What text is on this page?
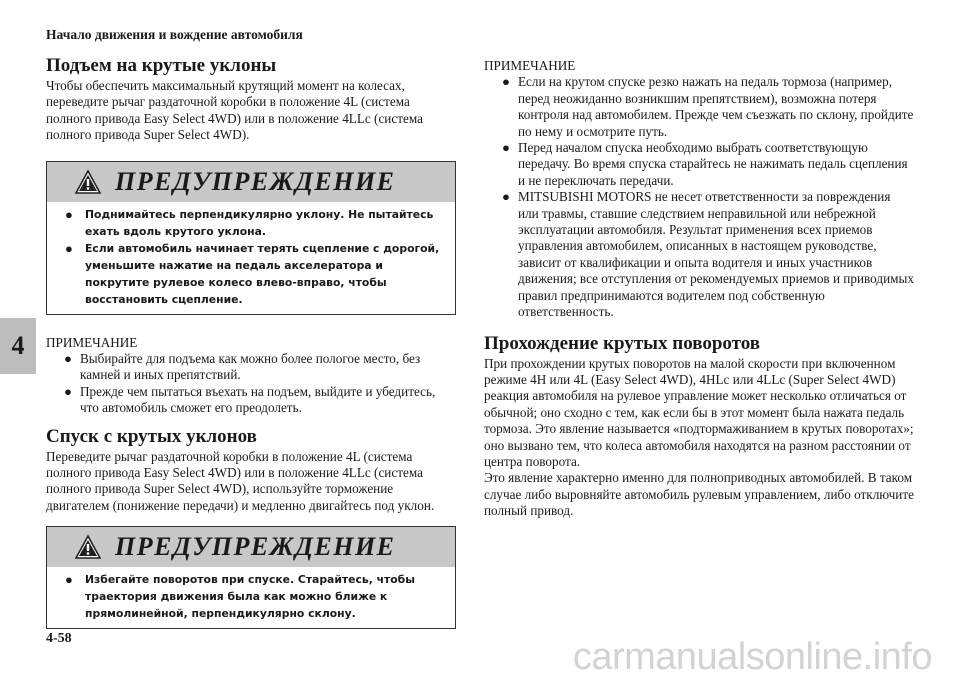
Начало движения и вождение автомобиля
4
Подъем на крутые уклоны

Чтобы обеспечить максимальный крутящий момент на колесах, переведите рычаг раздаточной коробки в положение 4L (система полного привода Easy Select 4WD) или в положение 4LLc (система полного привода Super Select 4WD).

ПРЕДУПРЕЖДЕНИЕ
● Поднимайтесь перпендикулярно уклону. Не пытайтесь ехать вдоль крутого уклона.
● Если автомобиль начинает терять сцепление с дорогой, уменьшите нажатие на педаль акселератора и покрутите рулевое колесо влево-вправо, чтобы восстановить сцепление.
ПРИМЕЧАНИЕ
● Выбирайте для подъема как можно более пологое место, без камней и иных препятствий.
● Прежде чем пытаться въехать на подъем, выйдите и убедитесь, что автомобиль сможет его преодолеть.
Спуск с крутых уклонов

Переведите рычаг раздаточной коробки в положение 4L (система полного привода Easy Select 4WD) или в положение 4LLc (система полного привода Super Select 4WD), используйте торможение двигателем (понижение передачи) и медленно двигайтесь под уклон.

ПРЕДУПРЕЖДЕНИЕ
● Избегайте поворотов при спуске. Старайтесь, чтобы траектория движения была как можно ближе к прямолинейной, перпендикулярно склону.
ПРИМЕЧАНИЕ
● Если на крутом спуске резко нажать на педаль тормоза (например, перед неожиданно возникшим препятствием), возможна потеря контроля над автомобилем. Прежде чем съезжать по склону, пройдите по нему и осмотрите путь.
● Перед началом спуска необходимо выбрать соответствующую передачу. Во время спуска старайтесь не нажимать педаль сцепления и не переключать передачи.
● MITSUBISHI MOTORS не несет ответственности за повреждения или травмы, ставшие следствием неправильной или небрежной эксплуатации автомобиля. Результат применения всех приемов управления автомобилем, описанных в настоящем руководстве, зависит от квалификации и опыта водителя и иных участников движения; все отступления от рекомендуемых приемов и приводимых правил предпринимаются водителем под собственную ответственность.
Прохождение крутых поворотов

При прохождении крутых поворотов на малой скорости при включенном режиме 4H или 4L (Easy Select 4WD), 4HLc или 4LLc (Super Select 4WD) реакция автомобиля на рулевое управление может несколько отличаться от обычной; оно сходно с тем, как если бы в этот момент была нажата педаль тормоза. Это явление называется «подтормаживанием в крутых поворотах»; оно вызвано тем, что колеса автомобиля находятся на разном расстоянии от центра поворота.

Это явление характерно именно для полноприводных автомобилей. В таком случае либо выровняйте автомобиль рулевым управлением, либо отключите полный привод.

4-58	carmanualsonline.info
